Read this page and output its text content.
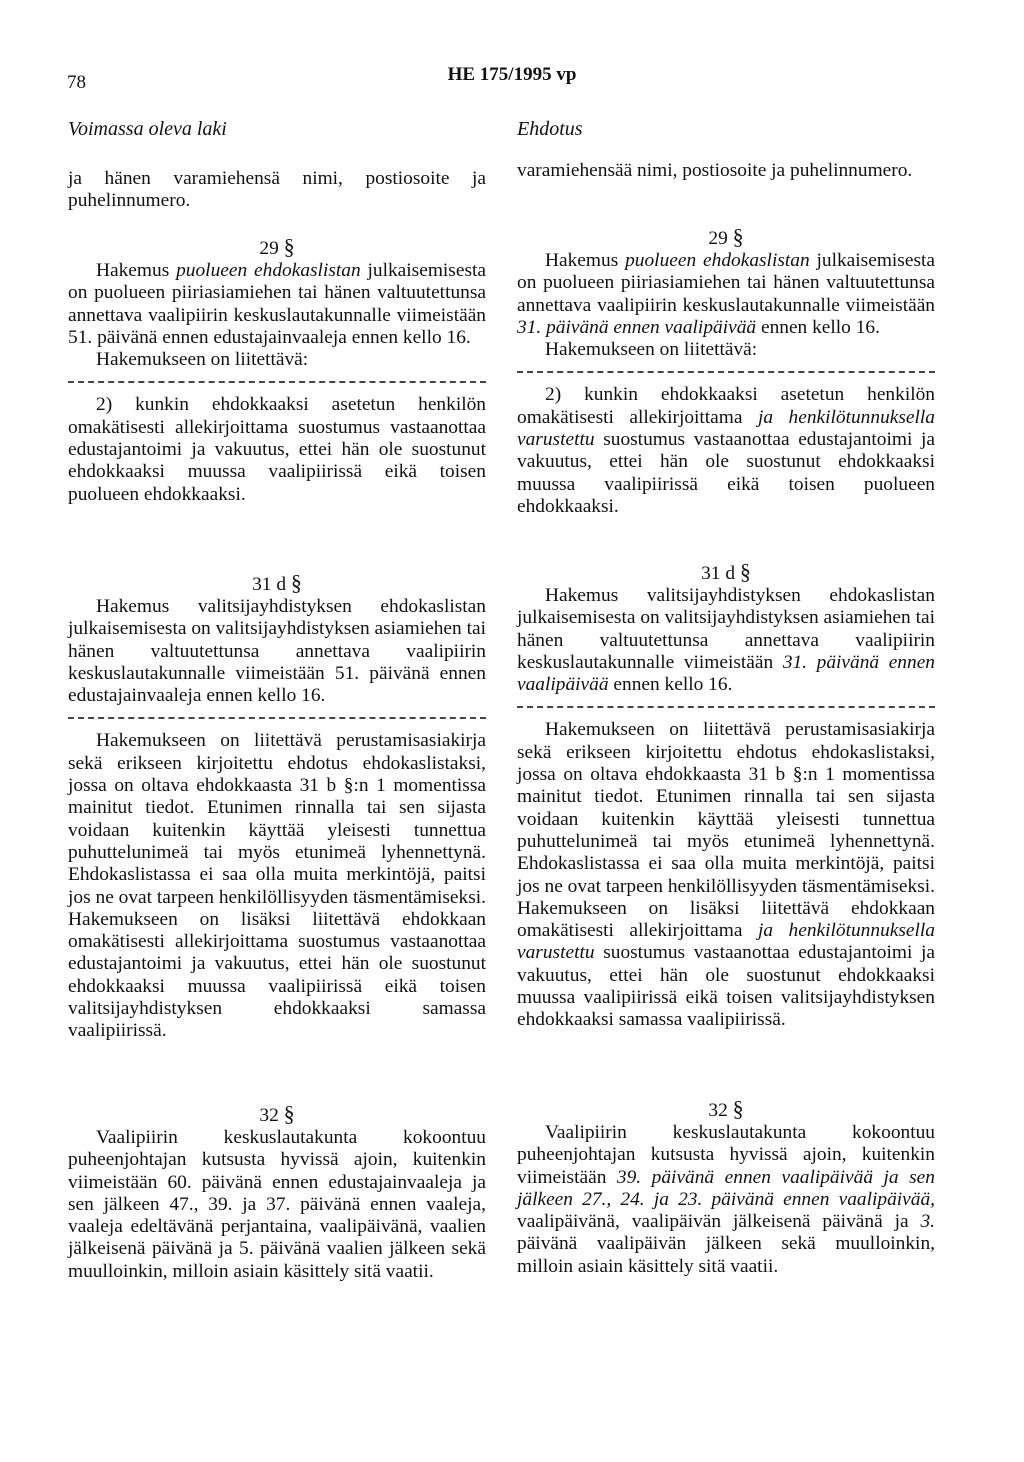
78	HE 175/1995 vp
Voimassa oleva laki

ja hänen varamiehensä nimi, postiosoite ja puhelinnumero.

29 §

Hakemus puolueen ehdokaslistan julkaisemisesta on puolueen piiriasiamiehen tai hänen valtuutettunsa annettava vaalipiirin keskuslautakunnalle viimeistään 51. päivänä ennen edustajainvaaleja ennen kello 16.

Hakemukseen on liitettävä:

2) kunkin ehdokkaaksi asetetun henkilön omakätisesti allekirjoittama suostumus vastaanottaa edustajantoimi ja vakuutus, ettei hän ole suostunut ehdokkaaksi muussa vaalipiirissä eikä toisen puolueen ehdokkaaksi.

31 d §

Hakemus valitsijayhdistyksen ehdokaslistan julkaisemisesta on valitsijayhdistyksen asiamiehen tai hänen valtuutettunsa annettava vaalipiirin keskuslautakunnalle viimeistään 51. päivänä ennen edustajainvaaleja ennen kello 16.

Hakemukseen on liitettävä perustamisasiakirja sekä erikseen kirjoitettu ehdotus ehdokaslistaksi, jossa on oltava ehdokkaasta 31 b §:n 1 momentissa mainitut tiedot. Etunimen rinnalla tai sen sijasta voidaan kuitenkin käyttää yleisesti tunnettua puhuttelunimeä tai myös etunimeä lyhennettynä. Ehdokaslistassa ei saa olla muita merkintöjä, paitsi jos ne ovat tarpeen henkilöllisyyden täsmentämiseksi. Hakemukseen on lisäksi liitettävä ehdokkaan omakätisesti allekirjoittama suostumus vastaanottaa edustajantoimi ja vakuutus, ettei hän ole suostunut ehdokkaaksi muussa vaalipiirissä eikä toisen valitsijayhdistyksen ehdokkaaksi samassa vaalipiirissä.

32 §

Vaalipiirin keskuslautakunta kokoontuu puheenjohtajan kutsusta hyvissä ajoin, kuitenkin viimeistään 60. päivänä ennen edustajainvaaleja ja sen jälkeen 47., 39. ja 37. päivänä ennen vaaleja, vaaleja edeltävänä perjantaina, vaalipäivänä, vaalien jälkeisenä päivänä ja 5. päivänä vaalien jälkeen sekä muulloinkin, milloin asiain käsittely sitä vaatii.

Ehdotus

varamiehensää nimi, postiosoite ja puhelinnumero.

29 §

Hakemus puolueen ehdokaslistan julkaisemisesta on puolueen piiriasiamiehen tai hänen valtuutettunsa annettava vaalipiirin keskuslautakunnalle viimeistään 31. päivänä ennen vaalipäivää ennen kello 16.

Hakemukseen on liitettävä:

2) kunkin ehdokkaaksi asetetun henkilön omakätisesti allekirjoittama ja henkilötunnuksella varustettu suostumus vastaanottaa edustajantoimi ja vakuutus, ettei hän ole suostunut ehdokkaaksi muussa vaalipiirissä eikä toisen puolueen ehdokkaaksi.

31 d §

Hakemus valitsijayhdistyksen ehdokaslistan julkaisemisesta on valitsijayhdistyksen asiamiehen tai hänen valtuutettunsa annettava vaalipiirin keskuslautakunnalle viimeistään 31. päivänä ennen vaalipäivää ennen kello 16.

Hakemukseen on liitettävä perustamisasiakirja sekä erikseen kirjoitettu ehdotus ehdokaslistaksi, jossa on oltava ehdokkaasta 31 b §:n 1 momentissa mainitut tiedot. Etunimen rinnalla tai sen sijasta voidaan kuitenkin käyttää yleisesti tunnettua puhuttelunimeä tai myös etunimeä lyhennettynä. Ehdokaslistassa ei saa olla muita merkintöjä, paitsi jos ne ovat tarpeen henkilöllisyyden täsmentämiseksi. Hakemukseen on lisäksi liitettävä ehdokkaan omakätisesti allekirjoittama ja henkilötunnuksella varustettu suostumus vastaanottaa edustajantoimi ja vakuutus, ettei hän ole suostunut ehdokkaaksi muussa vaalipiirissä eikä toisen valitsijayhdistyksen ehdokkaaksi samassa vaalipiirissä.

32 §

Vaalipiirin keskuslautakunta kokoontuu puheenjohtajan kutsusta hyvissä ajoin, kuitenkin viimeistään 39. päivänä ennen vaalipäivää ja sen jälkeen 27., 24. ja 23. päivänä ennen vaalipäivää, vaalipäivänä, vaalipäivän jälkeisenä päivänä ja 3. päivänä vaalipäivän jälkeen sekä muulloinkin, milloin asiain käsittely sitä vaatii.
